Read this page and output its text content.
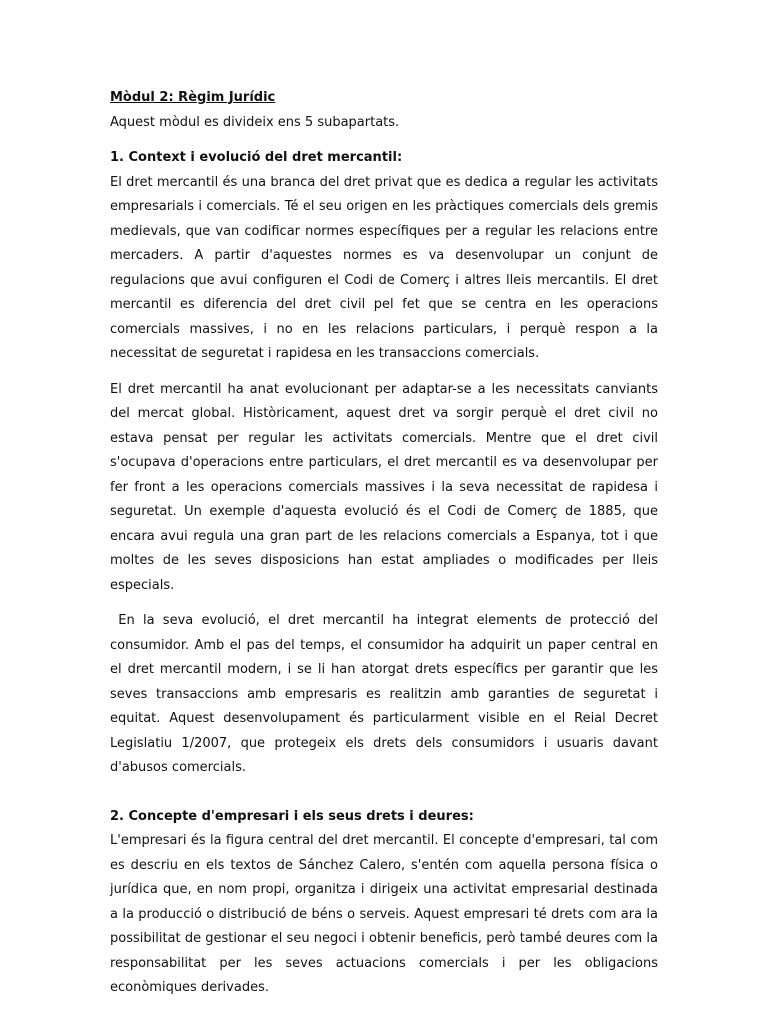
Mòdul 2: Règim Jurídic

Aquest mòdul es divideix ens 5 subapartats.

1. Context i evolució del dret mercantil:

El dret mercantil és una branca del dret privat que es dedica a regular les activitats empresarials i comercials. Té el seu origen en les pràctiques comercials dels gremis medievals, que van codificar normes específiques per a regular les relacions entre mercaders. A partir d'aquestes normes es va desenvolupar un conjunt de regulacions que avui configuren el Codi de Comerç i altres lleis mercantils. El dret mercantil es diferencia del dret civil pel fet que se centra en les operacions comercials massives, i no en les relacions particulars, i perquè respon a la necessitat de seguretat i rapidesa en les transaccions comercials.

El dret mercantil ha anat evolucionant per adaptar-se a les necessitats canviants del mercat global. Històricament, aquest dret va sorgir perquè el dret civil no estava pensat per regular les activitats comercials. Mentre que el dret civil s'ocupava d'operacions entre particulars, el dret mercantil es va desenvolupar per fer front a les operacions comercials massives i la seva necessitat de rapidesa i seguretat. Un exemple d'aquesta evolució és el Codi de Comerç de 1885, que encara avui regula una gran part de les relacions comercials a Espanya, tot i que moltes de les seves disposicions han estat ampliades o modificades per lleis especials.

En la seva evolució, el dret mercantil ha integrat elements de protecció del consumidor. Amb el pas del temps, el consumidor ha adquirit un paper central en el dret mercantil modern, i se li han atorgat drets específics per garantir que les seves transaccions amb empresaris es realitzin amb garanties de seguretat i equitat. Aquest desenvolupament és particularment visible en el Reial Decret Legislatiu 1/2007, que protegeix els drets dels consumidors i usuaris davant d'abusos comercials.

2. Concepte d'empresari i els seus drets i deures:

L'empresari és la figura central del dret mercantil. El concepte d'empresari, tal com es descriu en els textos de Sánchez Calero, s'entén com aquella persona física o jurídica que, en nom propi, organitza i dirigeix una activitat empresarial destinada a la producció o distribució de béns o serveis. Aquest empresari té drets com ara la possibilitat de gestionar el seu negoci i obtenir beneficis, però també deures com la responsabilitat per les seves actuacions comercials i per les obligacions econòmiques derivades.
